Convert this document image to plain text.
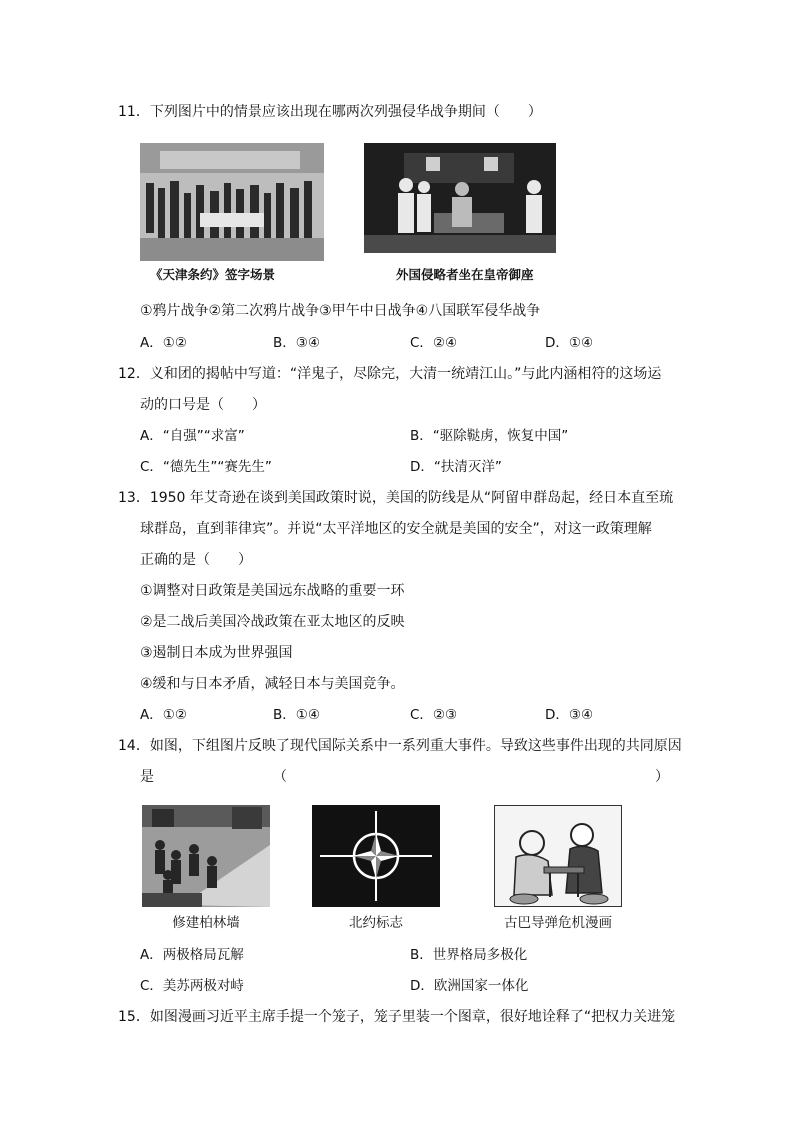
11．下列图片中的情景应该出现在哪两次列强侵华战争期间（　　）
《天津条约》签字场景	外国侵略者坐在皇帝御座
①鸦片战争②第二次鸦片战争③甲午中日战争④八国联军侵华战争
A．①②	B．③④	C．②④	D．①④
12．义和团的揭帖中写道：“洋鬼子，尽除完，大清一统靖江山。”与此内涵相符的这场运
动的口号是（　　）
A．“自强”“求富”	B．“驱除鞑虏，恢复中国”
C．“德先生”“赛先生”	D．“扶清灭洋”
13．1950 年艾奇逊在谈到美国政策时说，美国的防线是从“阿留申群岛起，经日本直至琉
球群岛，直到菲律宾”。并说“太平洋地区的安全就是美国的安全”，对这一政策理解
正确的是（　　）
①调整对日政策是美国远东战略的重要一环
②是二战后美国冷战政策在亚太地区的反映
③遏制日本成为世界强国
④缓和与日本矛盾，减轻日本与美国竞争。
A．①②	B．①④	C．②③	D．③④
14．如图，下组图片反映了现代国际关系中一系列重大事件。导致这些事件出现的共同原因
是	（	）
修建柏林墙	北约标志	古巴导弹危机漫画
A．两极格局瓦解	B．世界格局多极化
C．美苏两极对峙	D．欧洲国家一体化
15．如图漫画习近平主席手提一个笼子，笼子里装一个图章，很好地诠释了“把权力关进笼
